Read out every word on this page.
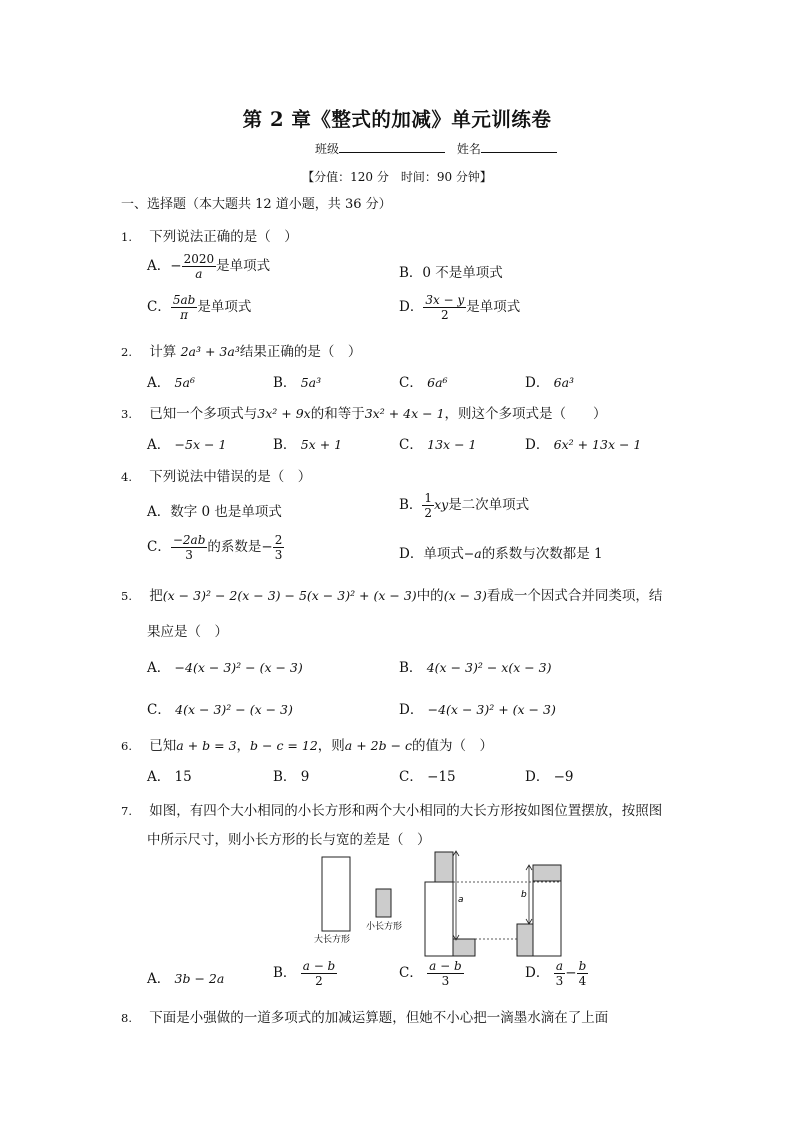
第 2 章《整式的加减》单元训练卷
班级	姓名
【分值：120 分　时间：90 分钟】
一、选择题（本大题共 12 道小题，共 36 分）
1. 下列说法正确的是（　）
A．− $\frac{2020}{a}$ 是单项式	B．0 不是单项式
C． $\frac{5ab}{\pi}$ 是单项式	D． $\frac{3x - y}{2}$ 是单项式
2. 计算 2a³ + 3a³结果正确的是（　）
A． 5a⁶	B． 5a³	C． 6a⁶	D． 6a³
3. 已知一个多项式与3x² + 9x的和等于3x² + 4x − 1，则这个多项式是（　　）
A． −5x − 1	B． 5x + 1	C． 13x − 1	D． 6x² + 13x − 1
4. 下列说法中错误的是（　）
A．数字 0 也是单项式	B． $\frac{1}{2}$ xy是二次单项式
C． $\frac{-2ab}{3}$ 的系数是− $\frac{2}{3}$	D．单项式−a的系数与次数都是 1
5. 把(x − 3)² − 2(x − 3) − 5(x − 3)² + (x − 3)中的(x − 3)看成一个因式合并同类项，结
果应是（　）
A． −4(x − 3)² − (x − 3)	B． 4(x − 3)² − x(x − 3)
C． 4(x − 3)² − (x − 3)	D． −4(x − 3)² + (x − 3)
6. 已知a + b = 3，b − c = 12，则a + 2b − c的值为（　）
A． 15	B． 9	C． −15	D． −9
7. 如图，有四个大小相同的小长方形和两个大小相同的大长方形按如图位置摆放，按照图
中所示尺寸，则小长方形的长与宽的差是（　）
大长方形
小长方形
a	b
A． 3b − 2a	B． $\frac{a - b}{2}$	C． $\frac{a - b}{3}$	D． $\frac{a}{3} - \frac{b}{4}$
8. 下面是小强做的一道多项式的加减运算题，但她不小心把一滴墨水滴在了上面
